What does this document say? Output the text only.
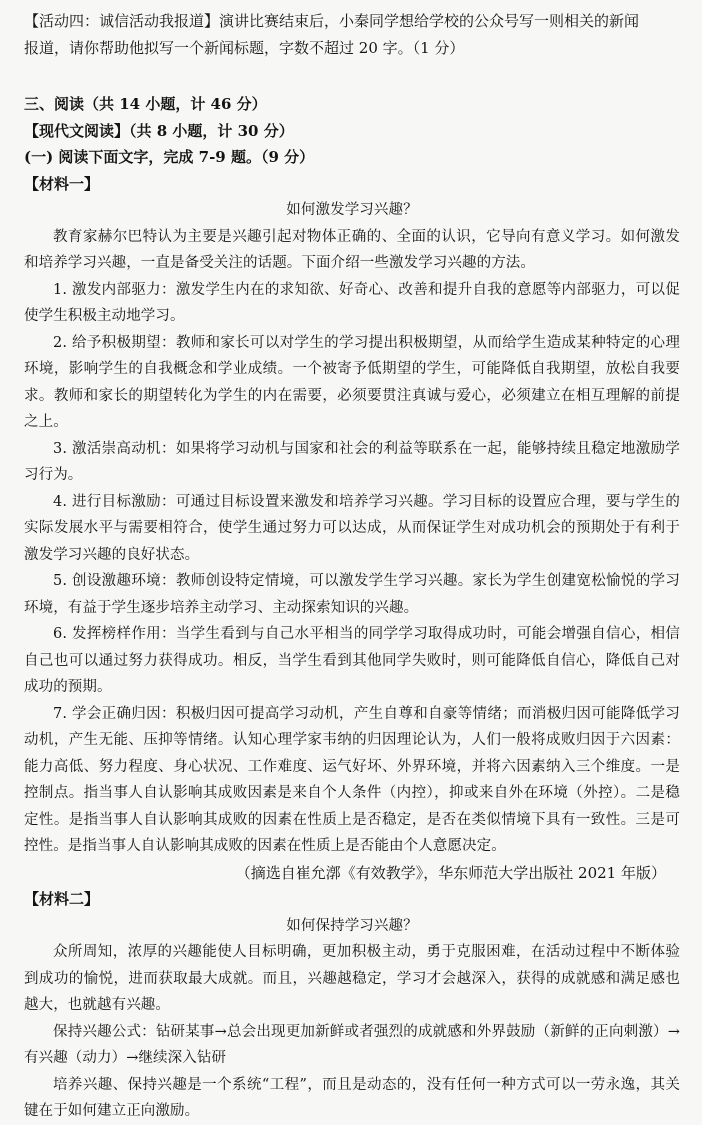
【活动四：诚信活动我报道】演讲比赛结束后，小秦同学想给学校的公众号写一则相关的新闻

报道，请你帮助他拟写一个新闻标题，字数不超过 20 字。（1 分）

三、阅读（共 14 小题，计 46 分）

【现代文阅读】（共 8 小题，计 30 分）

(一) 阅读下面文字，完成 7-9 题。（9 分）

【材料一】

如何激发学习兴趣？

教育家赫尔巴特认为主要是兴趣引起对物体正确的、全面的认识，它导向有意义学习。如何激发和培养学习兴趣，一直是备受关注的话题。下面介绍一些激发学习兴趣的方法。

1. 激发内部驱力：激发学生内在的求知欲、好奇心、改善和提升自我的意愿等内部驱力，可以促使学生积极主动地学习。

2. 给予积极期望：教师和家长可以对学生的学习提出积极期望，从而给学生造成某种特定的心理环境，影响学生的自我概念和学业成绩。一个被寄予低期望的学生，可能降低自我期望，放松自我要求。教师和家长的期望转化为学生的内在需要，必须要贯注真诚与爱心，必须建立在相互理解的前提之上。

3. 激活崇高动机：如果将学习动机与国家和社会的利益等联系在一起，能够持续且稳定地激励学习行为。

4. 进行目标激励：可通过目标设置来激发和培养学习兴趣。学习目标的设置应合理，要与学生的实际发展水平与需要相符合，使学生通过努力可以达成，从而保证学生对成功机会的预期处于有利于激发学习兴趣的良好状态。

5. 创设激趣环境：教师创设特定情境，可以激发学生学习兴趣。家长为学生创建宽松愉悦的学习环境，有益于学生逐步培养主动学习、主动探索知识的兴趣。

6. 发挥榜样作用：当学生看到与自己水平相当的同学学习取得成功时，可能会增强自信心，相信自己也可以通过努力获得成功。相反，当学生看到其他同学失败时，则可能降低自信心，降低自己对成功的预期。

7. 学会正确归因：积极归因可提高学习动机，产生自尊和自豪等情绪；而消极归因可能降低学习动机，产生无能、压抑等情绪。认知心理学家韦纳的归因理论认为，人们一般将成败归因于六因素：能力高低、努力程度、身心状况、工作难度、运气好坏、外界环境，并将六因素纳入三个维度。一是控制点。指当事人自认影响其成败因素是来自个人条件（内控），抑或来自外在环境（外控）。二是稳定性。是指当事人自认影响其成败的因素在性质上是否稳定，是否在类似情境下具有一致性。三是可控性。是指当事人自认影响其成败的因素在性质上是否能由个人意愿决定。

（摘选自崔允漷《有效教学》，华东师范大学出版社 2021 年版）

【材料二】

如何保持学习兴趣？

众所周知，浓厚的兴趣能使人目标明确，更加积极主动，勇于克服困难，在活动过程中不断体验到成功的愉悦，进而获取最大成就。而且，兴趣越稳定，学习才会越深入，获得的成就感和满足感也越大，也就越有兴趣。

保持兴趣公式：钻研某事→总会出现更加新鲜或者强烈的成就感和外界鼓励（新鲜的正向刺激）→有兴趣（动力）→继续深入钻研

培养兴趣、保持兴趣是一个系统“工程”，而且是动态的，没有任何一种方式可以一劳永逸，其关键在于如何建立正向激励。
